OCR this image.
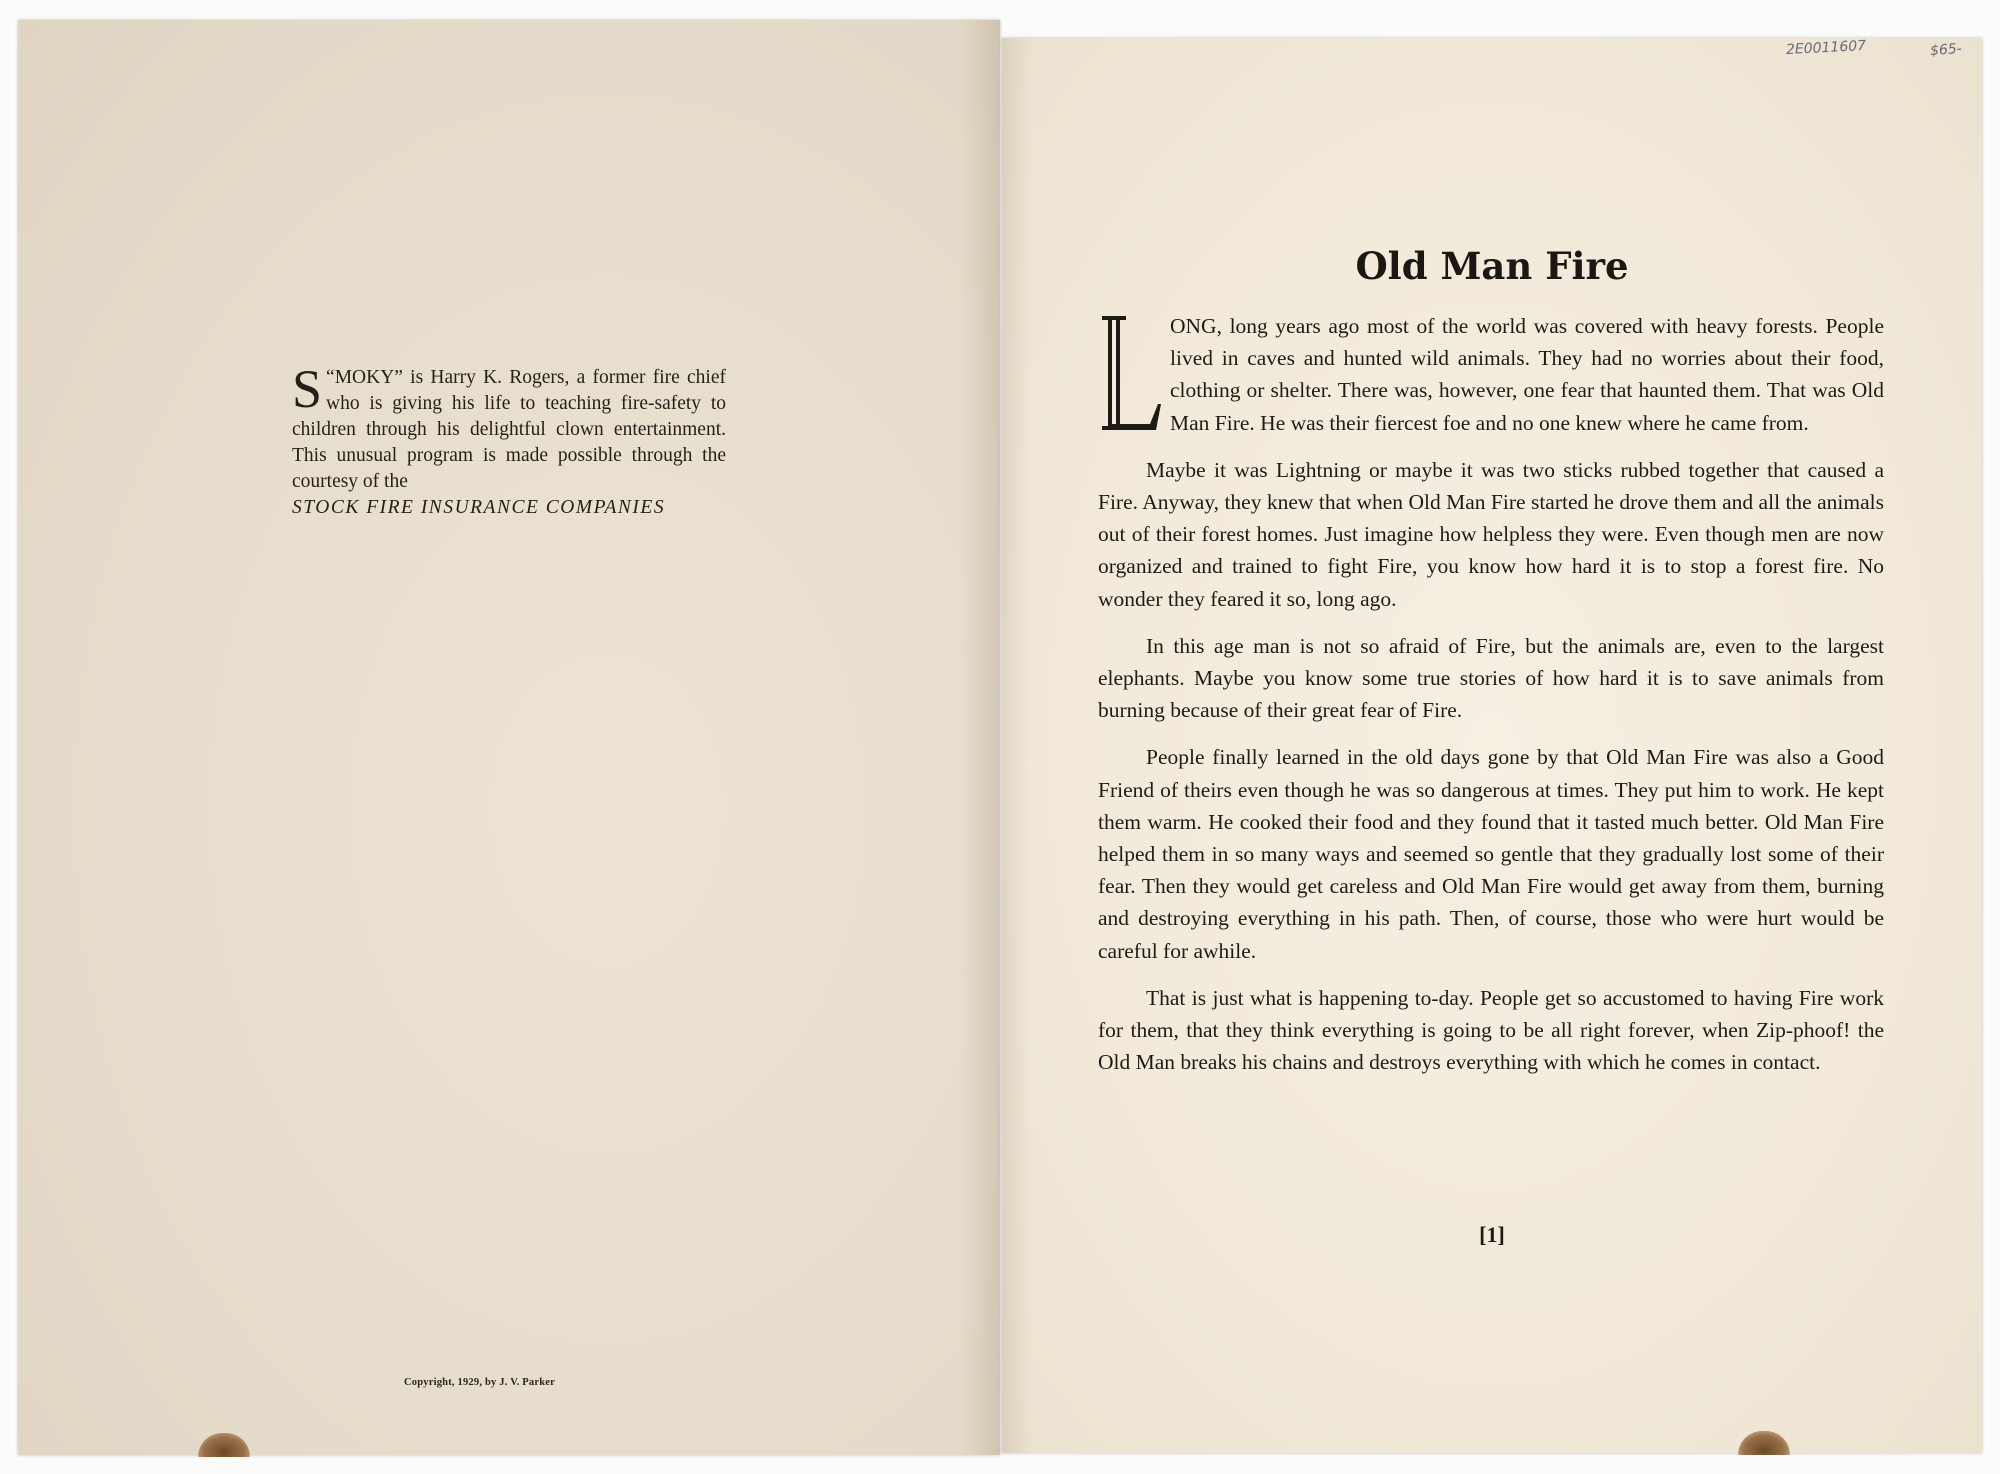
“
S MOKY” is Harry K. Rogers, a former fire chief who is giving his life to teaching fire-safety to children through his delightful clown entertainment. This unusual program is made possible through the courtesy of the
STOCK FIRE INSURANCE COMPANIES
Copyright, 1929, by J. V. Parker
2E0011607	$65-
Old Man Fire

ONG, long years ago most of the world was covered with heavy forests. People lived in caves and hunted wild animals. They had no worries about their food, clothing or shelter. There was, however, one fear that haunted them. That was Old Man Fire. He was their fiercest foe and no one knew where he came from.

Maybe it was Lightning or maybe it was two sticks rubbed together that caused a Fire. Anyway, they knew that when Old Man Fire started he drove them and all the animals out of their forest homes. Just imagine how helpless they were. Even though men are now organized and trained to fight Fire, you know how hard it is to stop a forest fire. No wonder they feared it so, long ago.

In this age man is not so afraid of Fire, but the animals are, even to the largest elephants. Maybe you know some true stories of how hard it is to save animals from burning because of their great fear of Fire.

People finally learned in the old days gone by that Old Man Fire was also a Good Friend of theirs even though he was so dangerous at times. They put him to work. He kept them warm. He cooked their food and they found that it tasted much better. Old Man Fire helped them in so many ways and seemed so gentle that they gradually lost some of their fear. Then they would get careless and Old Man Fire would get away from them, burning and destroying everything in his path. Then, of course, those who were hurt would be careful for awhile.

That is just what is happening to-day. People get so accustomed to having Fire work for them, that they think everything is going to be all right forever, when Zip-phoof! the Old Man breaks his chains and destroys everything with which he comes in contact.

[1]
